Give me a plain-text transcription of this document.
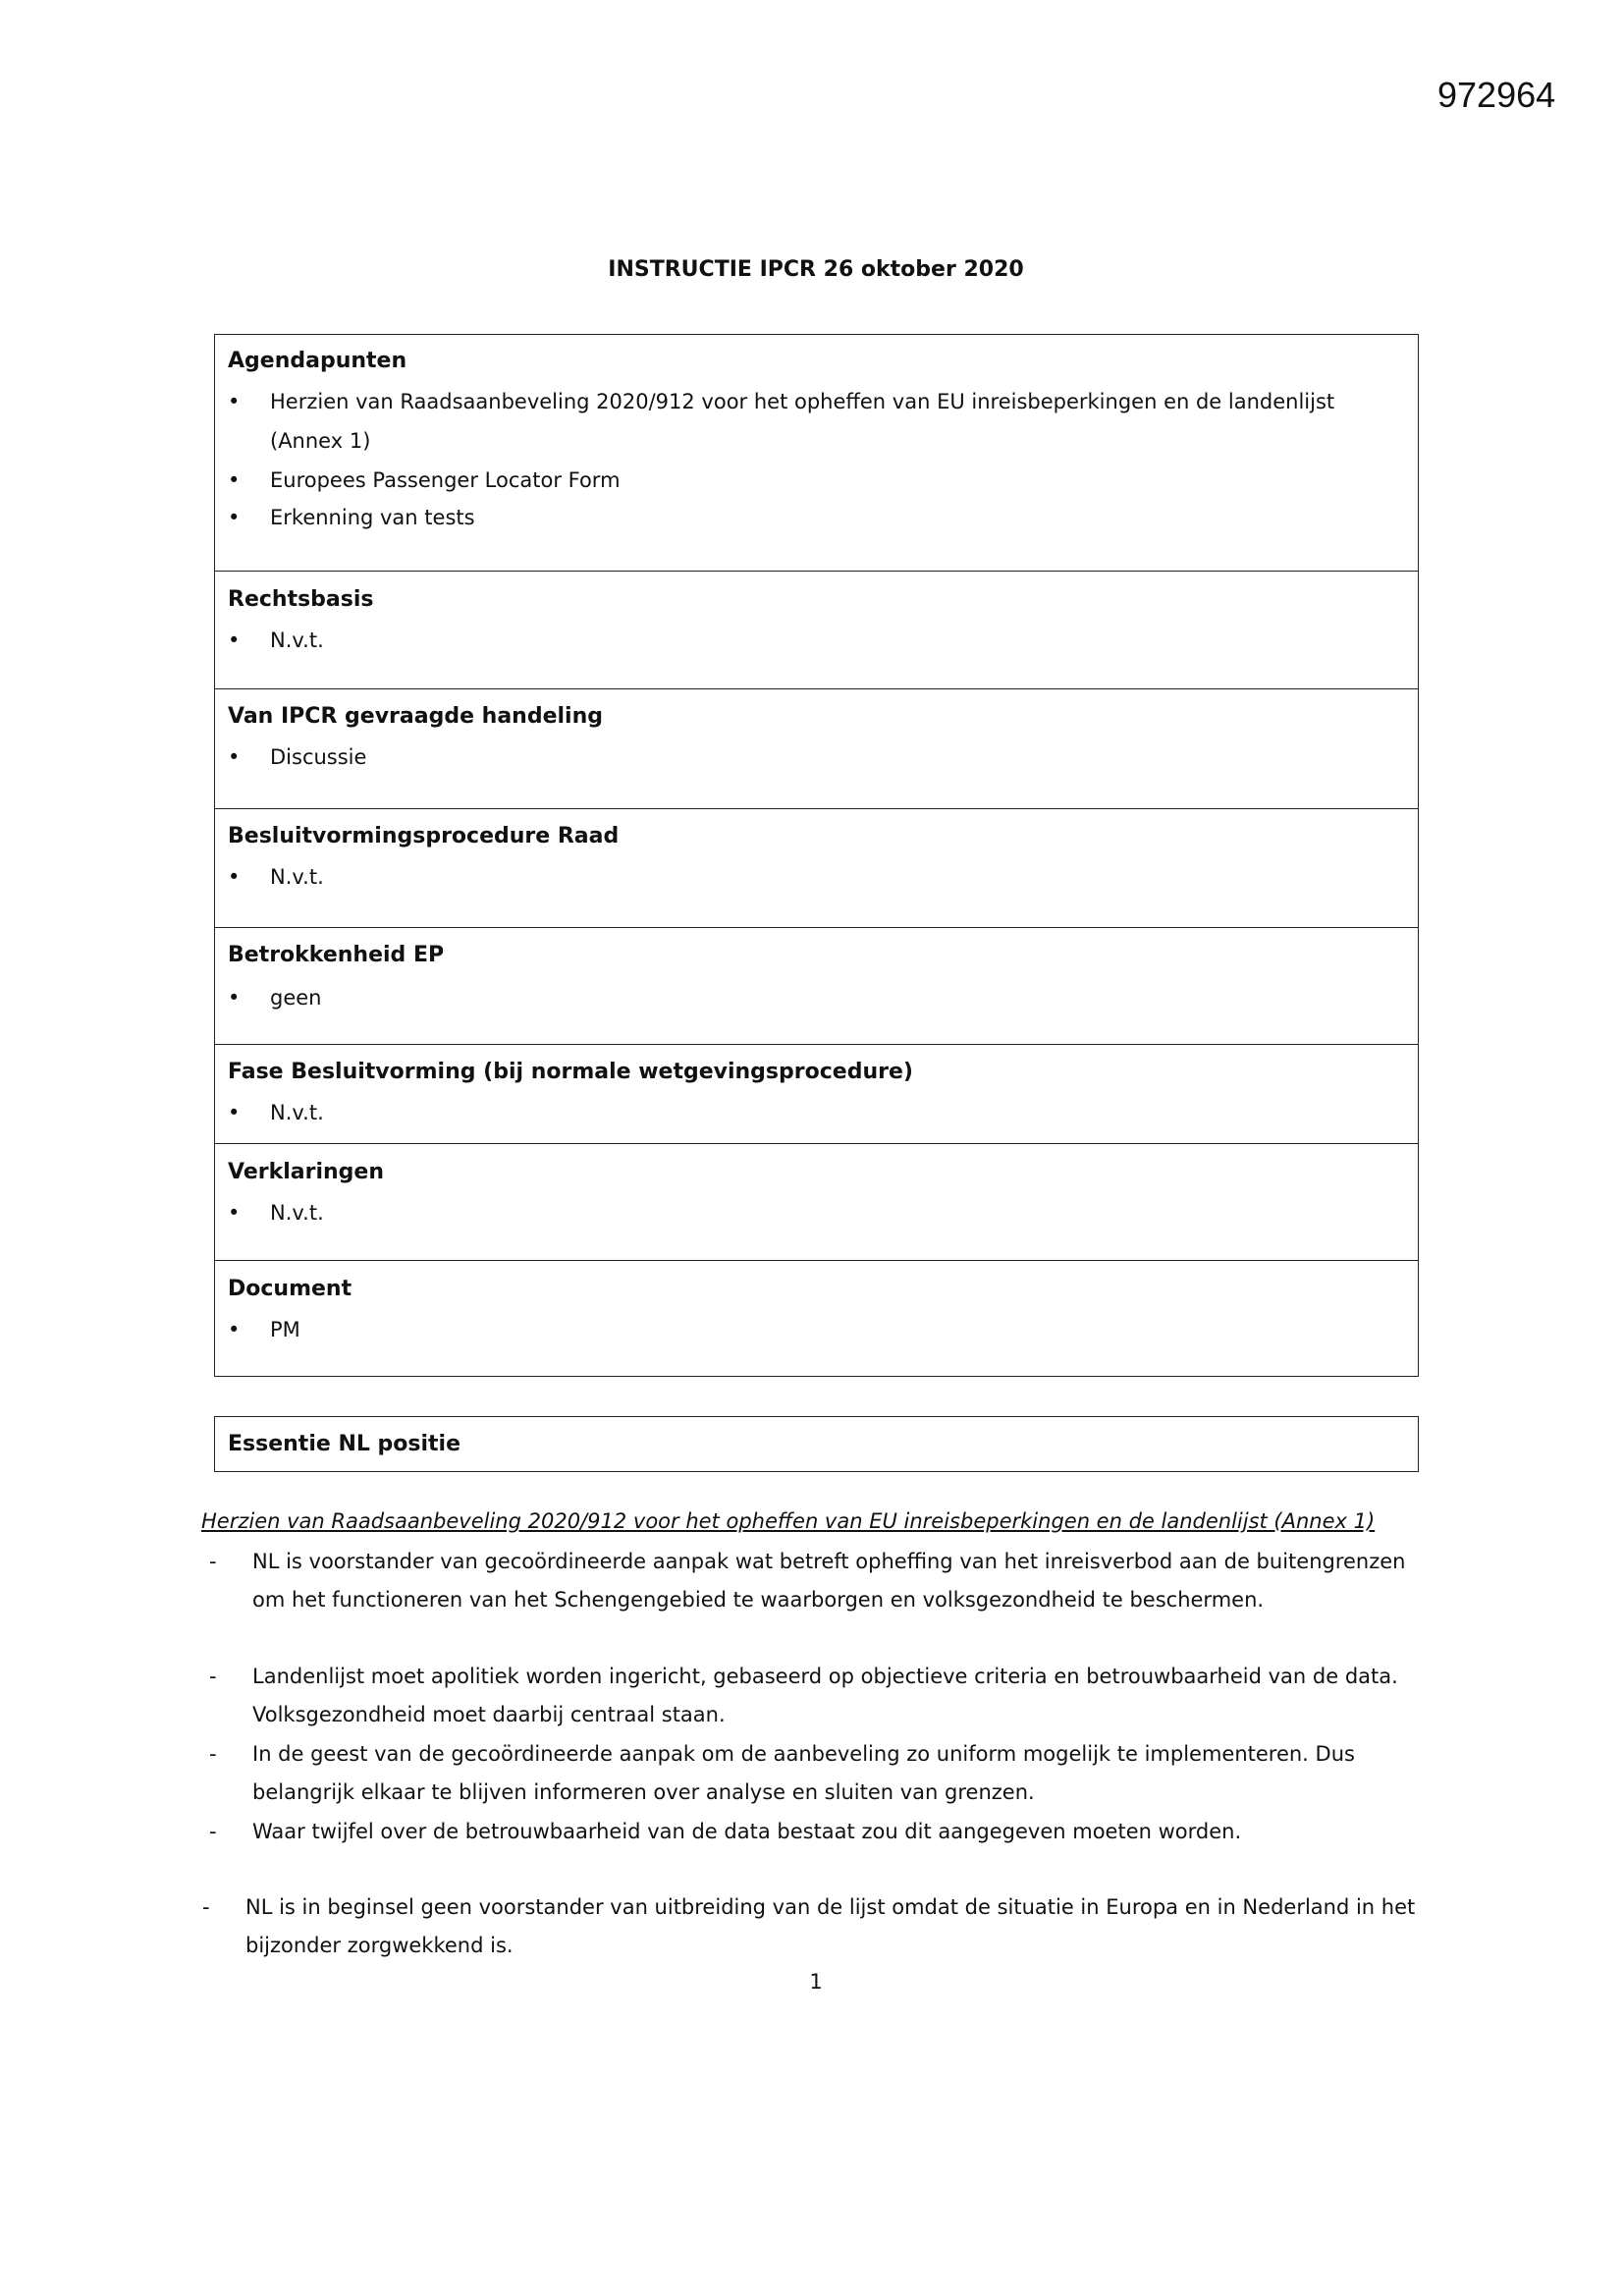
972964
INSTRUCTIE IPCR 26 oktober 2020
Agendapunten
• Herzien van Raadsaanbeveling 2020/912 voor het opheffen van EU inreisbeperkingen en de landenlijst (Annex 1)
• Europees Passenger Locator Form
• Erkenning van tests
Rechtsbasis
• N.v.t.
Van IPCR gevraagde handeling
• Discussie
Besluitvormingsprocedure Raad
• N.v.t.
Betrokkenheid EP
• geen
Fase Besluitvorming (bij normale wetgevingsprocedure)
• N.v.t.
Verklaringen
• N.v.t.
Document
• PM
Essentie NL positie
Herzien van Raadsaanbeveling 2020/912 voor het opheffen van EU inreisbeperkingen en de landenlijst (Annex 1)
- NL is voorstander van gecoördineerde aanpak wat betreft opheffing van het inreisverbod aan de buitengrenzen om het functioneren van het Schengengebied te waarborgen en volksgezondheid te beschermen.
- Landenlijst moet apolitiek worden ingericht, gebaseerd op objectieve criteria en betrouwbaarheid van de data. Volksgezondheid moet daarbij centraal staan.
- In de geest van de gecoördineerde aanpak om de aanbeveling zo uniform mogelijk te implementeren. Dus belangrijk elkaar te blijven informeren over analyse en sluiten van grenzen.
- Waar twijfel over de betrouwbaarheid van de data bestaat zou dit aangegeven moeten worden.
- NL is in beginsel geen voorstander van uitbreiding van de lijst omdat de situatie in Europa en in Nederland in het bijzonder zorgwekkend is.
1
